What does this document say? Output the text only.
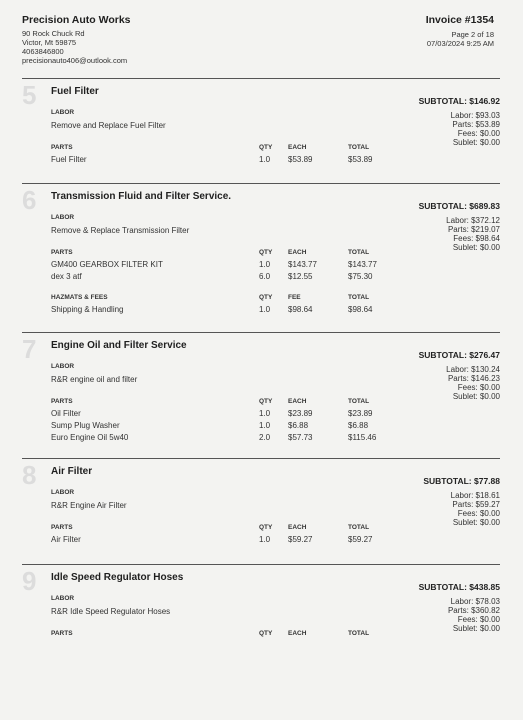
Precision Auto Works
90 Rock Chuck Rd
Victor, Mt 59875
4063846800
precisionauto406@outlook.com
Invoice #1354
Page 2 of 18
07/03/2024 9:25 AM
5 Fuel Filter
SUBTOTAL: $146.92
Labor: $93.03
Parts: $53.89
Fees: $0.00
Sublet: $0.00
LABOR
Remove and Replace Fuel Filter
PARTS	QTY EACH	TOTAL
Fuel Filter	1.0 $53.89	$53.89
6 Transmission Fluid and Filter Service.
SUBTOTAL: $689.83
Labor: $372.12
Parts: $219.07
Fees: $98.64
Sublet: $0.00
LABOR
Remove & Replace Transmission Filter
PARTS	QTY EACH	TOTAL
GM400 GEARBOX FILTER KIT	1.0 $143.77	$143.77
dex 3 atf	6.0 $12.55	$75.30
HAZMATS & FEES	QTY FEE	TOTAL
Shipping & Handling	1.0 $98.64	$98.64
7 Engine Oil and Filter Service
SUBTOTAL: $276.47
Labor: $130.24
Parts: $146.23
Fees: $0.00
Sublet: $0.00
LABOR
R&R engine oil and filter
PARTS	QTY EACH	TOTAL
Oil Filter	1.0 $23.89	$23.89
Sump Plug Washer	1.0 $6.88	$6.88
Euro Engine Oil 5w40	2.0 $57.73	$115.46
8 Air Filter
SUBTOTAL: $77.88
Labor: $18.61
Parts: $59.27
Fees: $0.00
Sublet: $0.00
LABOR
R&R Engine Air Filter
PARTS	QTY EACH	TOTAL
Air Filter	1.0 $59.27	$59.27
9 Idle Speed Regulator Hoses
SUBTOTAL: $438.85
Labor: $78.03
Parts: $360.82
Fees: $0.00
Sublet: $0.00
LABOR
R&R Idle Speed Regulator Hoses
PARTS	QTY EACH	TOTAL
